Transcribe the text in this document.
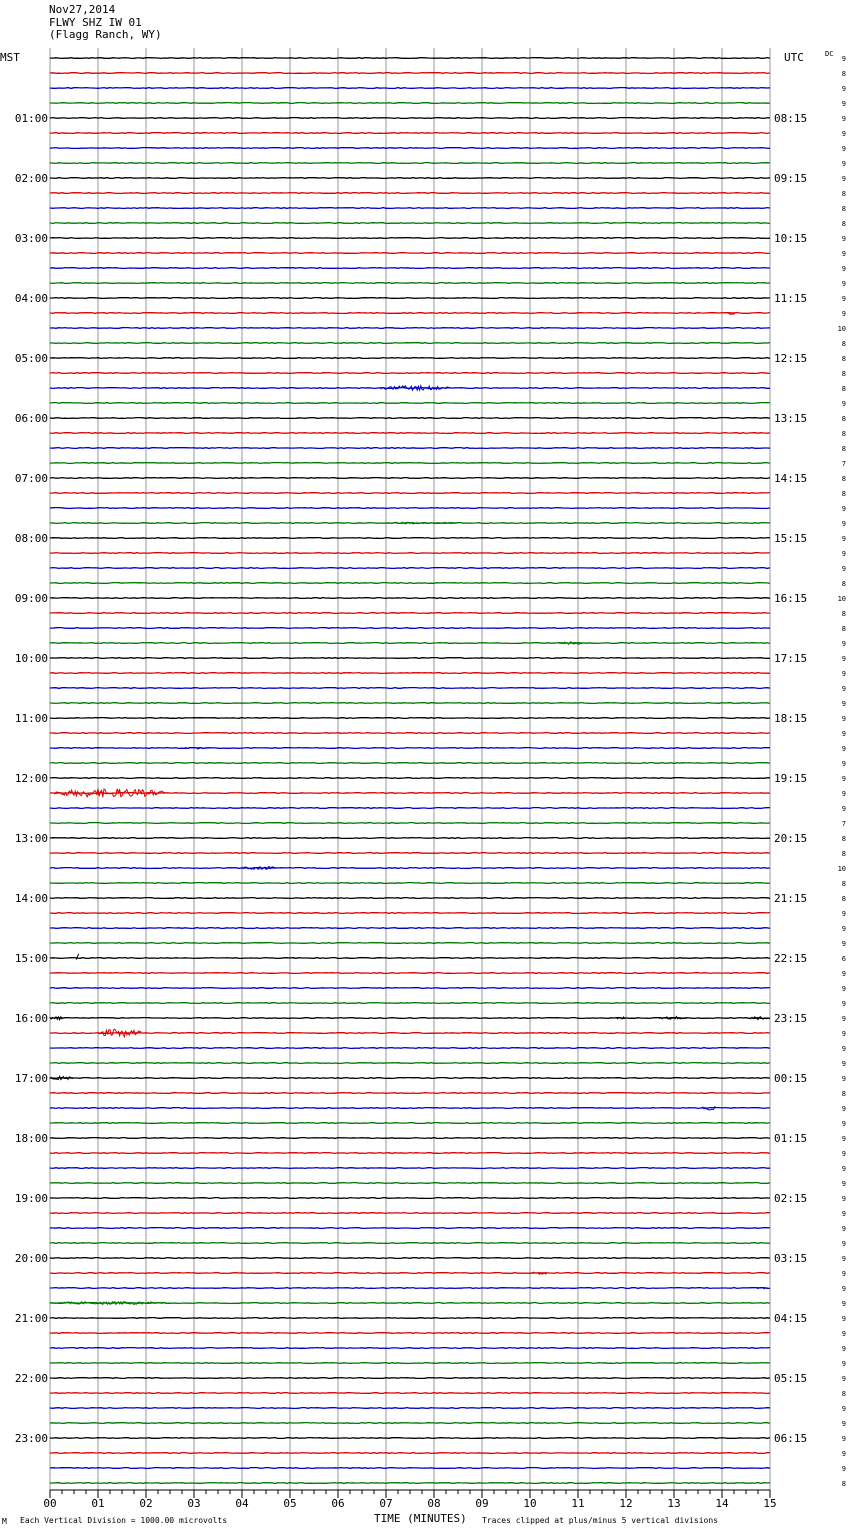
Nov27,2014
FLWY SHZ IW 01
(Flagg Ranch, WY)
00	01	02	03	04	05	06	07	08	09	10	11	12	13	14	15
MST	UTC	DC
01:00
02:00
03:00
04:00
05:00
06:00
07:00
08:00
09:00
10:00
11:00
12:00
13:00
14:00
15:00
16:00
17:00
18:00
19:00
20:00
21:00
22:00
23:00
08:15
09:15
10:15
11:15
12:15
13:15
14:15
15:15
16:15
17:15
18:15
19:15
20:15
21:15
22:15
23:15
00:15
01:15
02:15
03:15
04:15
05:15
06:15
9
8
9
9
9
9
9
9
9
8
8
8
9
9
9
9
9
9
10
8
8
8
8
9
8
8
8
7
8
8
9
9
9
9
9
8
10
8
8
9
9
9
9
9
9
9
9
9
9
9
9
7
8
8
10
8
8
9
9
9
6
9
9
9
9
9
9
9
9
8
9
9
9
9
9
9
9
9
9
9
9
9
9
9
9
9
9
9
9
8
9
9
9
9
9
8
M Each Vertical Division = 1000.00 microvolts	TIME (MINUTES) Traces clipped at plus/minus 5 vertical divisions
